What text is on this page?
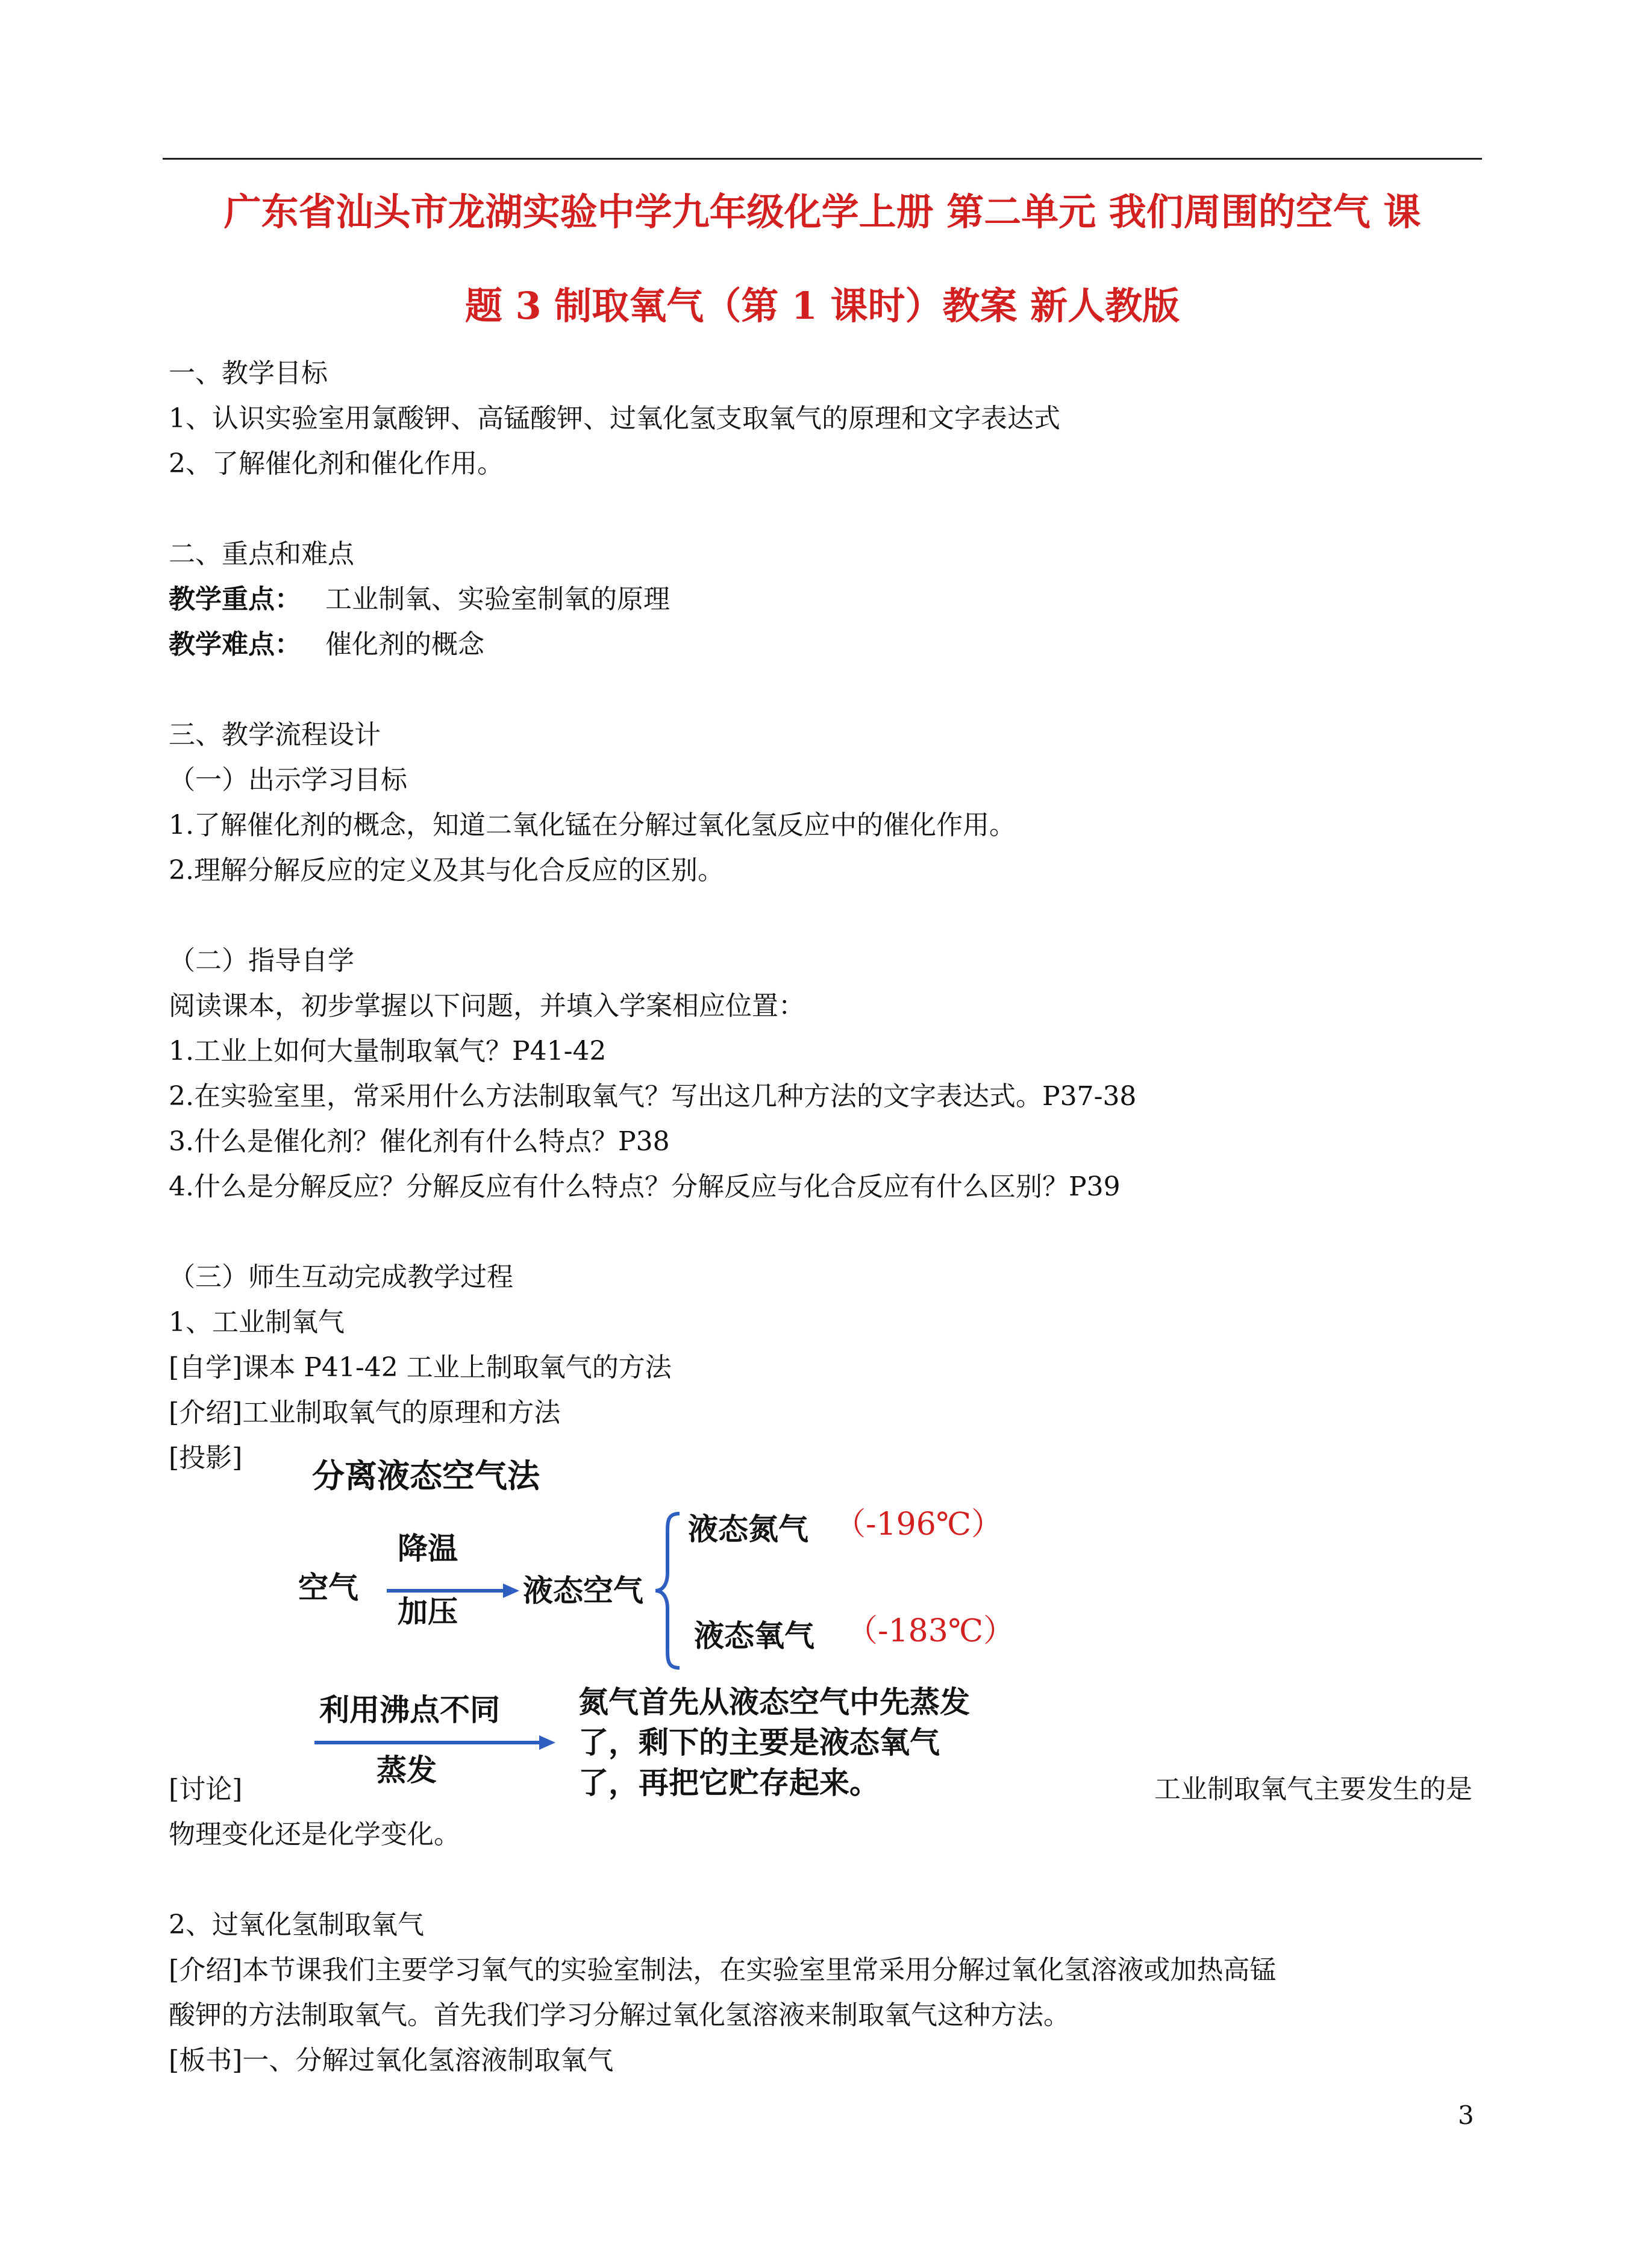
广东省汕头市龙湖实验中学九年级化学上册 第二单元 我们周围的空气 课
题 3 制取氧气（第 1 课时）教案 新人教版
一、教学目标
1、认识实验室用氯酸钾、高锰酸钾、过氧化氢支取氧气的原理和文字表达式
2、了解催化剂和催化作用。
二、重点和难点
教学重点： 工业制氧、实验室制氧的原理
教学难点： 催化剂的概念
三、教学流程设计
（一）出示学习目标
1.了解催化剂的概念，知道二氧化锰在分解过氧化氢反应中的催化作用。
2.理解分解反应的定义及其与化合反应的区别。
（二）指导自学
阅读课本，初步掌握以下问题，并填入学案相应位置：
1.工业上如何大量制取氧气？P41-42
2.在实验室里，常采用什么方法制取氧气？写出这几种方法的文字表达式。P37-38
3.什么是催化剂？催化剂有什么特点？P38
4.什么是分解反应？分解反应有什么特点？分解反应与化合反应有什么区别？P39
（三）师生互动完成教学过程
1、工业制氧气
[自学]课本 P41-42 工业上制取氧气的方法
[介绍]工业制取氧气的原理和方法
[投影] 分离液态空气法
空气
降温
加压
液态空气
液态氮气 （-196℃）
液态氧气 （-183℃）
利用沸点不同
蒸发
氮气首先从液态空气中先蒸发
了，剩下的主要是液态氧气
了，再把它贮存起来。
[讨论]	工业制取氧气主要发生的是
物理变化还是化学变化。
2、过氧化氢制取氧气
[介绍]本节课我们主要学习氧气的实验室制法，在实验室里常采用分解过氧化氢溶液或加热高锰
酸钾的方法制取氧气。首先我们学习分解过氧化氢溶液来制取氧气这种方法。
[板书]一、分解过氧化氢溶液制取氧气
3
